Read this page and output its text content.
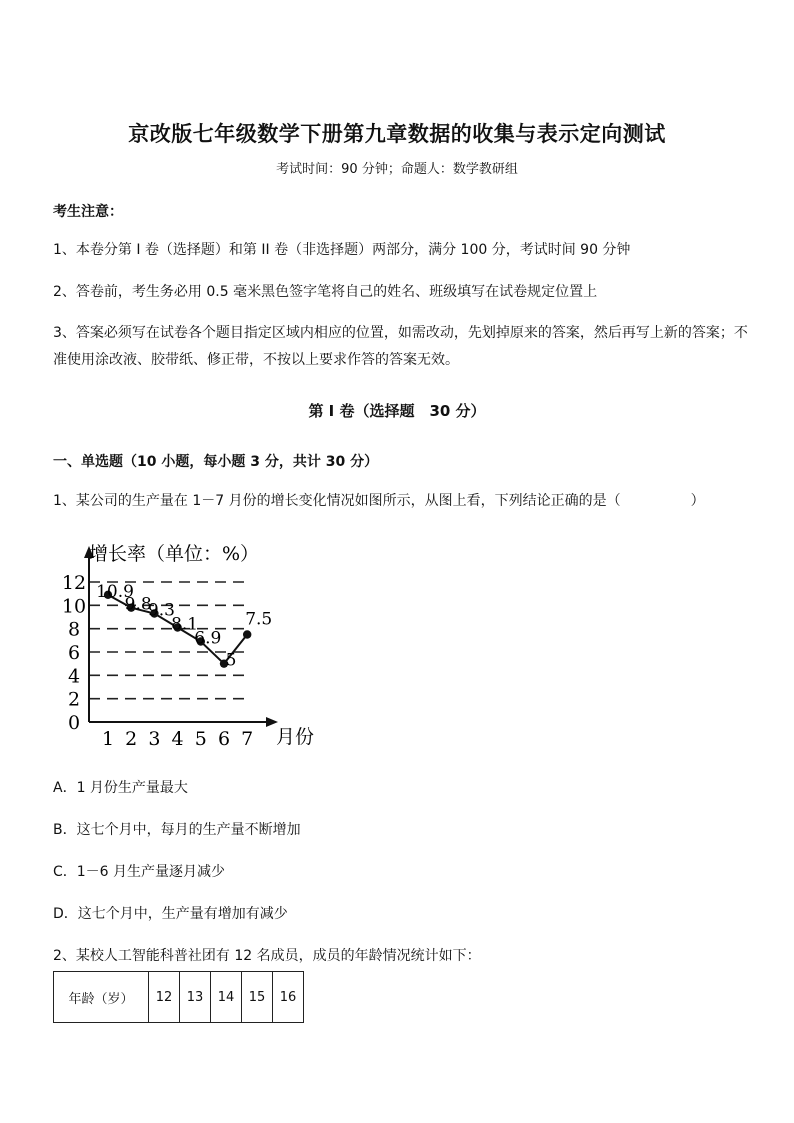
京改版七年级数学下册第九章数据的收集与表示定向测试
考试时间：90 分钟；命题人：数学教研组
考生注意：
1、本卷分第 I 卷（选择题）和第 II 卷（非选择题）两部分，满分 100 分，考试时间 90 分钟
2、答卷前，考生务必用 0.5 毫米黑色签字笔将自己的姓名、班级填写在试卷规定位置上
3、答案必须写在试卷各个题目指定区域内相应的位置，如需改动，先划掉原来的答案，然后再写上新的答案；不准使用涂改液、胶带纸、修正带，不按以上要求作答的答案无效。
第 I 卷（选择题　30 分）
一、单选题（10 小题，每小题 3 分，共计 30 分）
1、某公司的生产量在 1－7 月份的增长变化情况如图所示，从图上看，下列结论正确的是（	）
增长率（单位：%）
月份
0
2
4
6
8
10
12
1 2 3 4 5 6 7
10.9
9.8
9.3
8.1
6.9
5
7.5
A．1 月份生产量最大
B．这七个月中，每月的生产量不断增加
C．1－6 月生产量逐月减少
D．这七个月中，生产量有增加有减少
2、某校人工智能科普社团有 12 名成员，成员的年龄情况统计如下：
年龄（岁）	12	13	14	15	16
